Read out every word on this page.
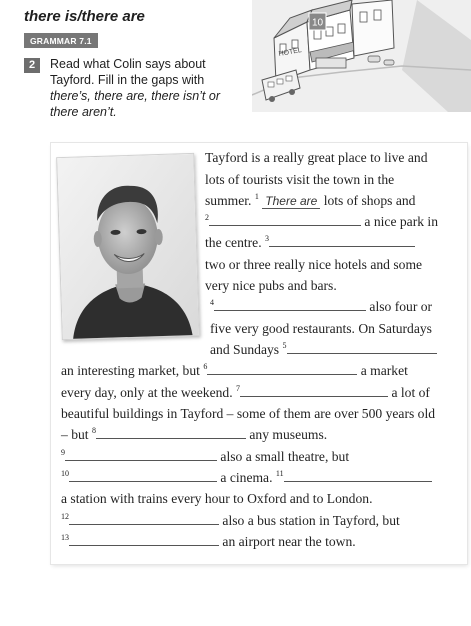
there is/there are
GRAMMAR 7.1
2	Read what Colin says about
Tayford. Fill in the gaps with
there’s, there are, there isn’t or
there aren’t.
HOTEL
10
Tayford is a really great place to live and
lots of tourists visit the town in the
summer. $^1$ There are lots of shops and
$^2$	a nice park in
the centre. $^3$
two or three really nice hotels and some
very nice pubs and bars.
$^4$	also four or
five very good restaurants. On Saturdays
and Sundays $^5$
an interesting market, but $^6$	a market
every day, only at the weekend. $^7$	a lot of
beautiful buildings in Tayford – some of them are over 500 years old
– but $^8$	any museums.
$^9$	also a small theatre, but
$^{10}$	a cinema. $^{11}$
a station with trains every hour to Oxford and to London.
$^{12}$	also a bus station in Tayford, but
$^{13}$	an airport near the town.
